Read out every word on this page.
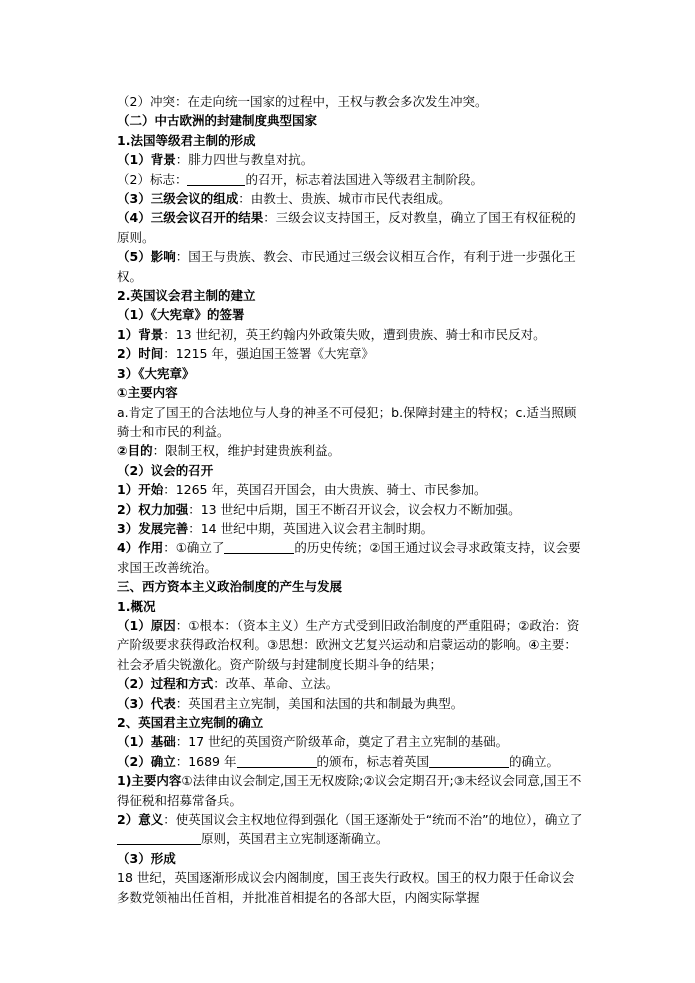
（2）冲突：在走向统一国家的过程中，王权与教会多次发生冲突。

（二）中古欧洲的封建制度典型国家

1.法国等级君主制的形成

（1）背景：腓力四世与教皇对抗。

（2）标志：	的召开，标志着法国进入等级君主制阶段。

（3）三级会议的组成：由教士、贵族、城市市民代表组成。

（4）三级会议召开的结果：三级会议支持国王，反对教皇，确立了国王有权征税的原则。

（5）影响：国王与贵族、教会、市民通过三级会议相互合作，有利于进一步强化王权。

2.英国议会君主制的建立

（1）《大宪章》的签署

1）背景：13 世纪初，英王约翰内外政策失败，遭到贵族、骑士和市民反对。

2）时间：1215 年，强迫国王签署《大宪章》

3）《大宪章》

①主要内容

a.肯定了国王的合法地位与人身的神圣不可侵犯；b.保障封建主的特权；c.适当照顾骑士和市民的利益。

②目的：限制王权，维护封建贵族利益。

（2）议会的召开

1）开始：1265 年，英国召开国会，由大贵族、骑士、市民参加。

2）权力加强：13 世纪中后期，国王不断召开议会，议会权力不断加强。

3）发展完善：14 世纪中期，英国进入议会君主制时期。

4）作用：①确立了	的历史传统；②国王通过议会寻求政策支持，议会要求国王改善统治。

三、西方资本主义政治制度的产生与发展

1.概况

（1）原因：①根本：（资本主义）生产方式受到旧政治制度的严重阻碍；②政治：资产阶级要求获得政治权利。③思想：欧洲文艺复兴运动和启蒙运动的影响。④主要：社会矛盾尖锐激化。资产阶级与封建制度长期斗争的结果；

（2）过程和方式：改革、革命、立法。

（3）代表：英国君主立宪制，美国和法国的共和制最为典型。

2、英国君主立宪制的确立

（1）基础：17 世纪的英国资产阶级革命，奠定了君主立宪制的基础。

（2）确立：1689 年	的颁布，标志着英国	的确立。

1)主要内容①法律由议会制定,国王无权废除;②议会定期召开;③未经议会同意,国王不得征税和招募常备兵。

2）意义：使英国议会主权地位得到强化（国王逐渐处于“统而不治”的地位），确立了原则，英国君主立宪制逐渐确立。

（3）形成

18 世纪，英国逐渐形成议会内阁制度，国王丧失行政权。国王的权力限于任命议会多数党领袖出任首相，并批准首相提名的各部大臣，内阁实际掌握
